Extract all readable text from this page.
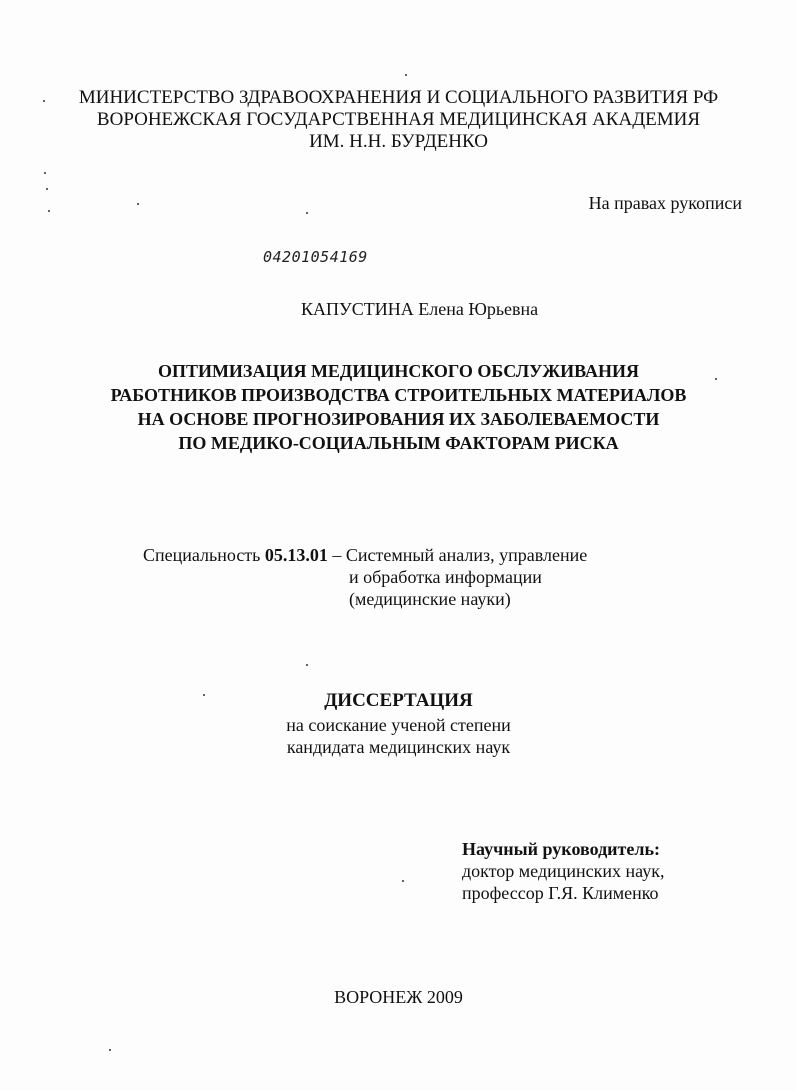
МИНИСТЕРСТВО ЗДРАВООХРАНЕНИЯ И СОЦИАЛЬНОГО РАЗВИТИЯ РФ
ВОРОНЕЖСКАЯ ГОСУДАРСТВЕННАЯ МЕДИЦИНСКАЯ АКАДЕМИЯ
ИМ. Н.Н. БУРДЕНКО
На правах рукописи
04201054169
КАПУСТИНА Елена Юрьевна
ОПТИМИЗАЦИЯ МЕДИЦИНСКОГО ОБСЛУЖИВАНИЯ
РАБОТНИКОВ ПРОИЗВОДСТВА СТРОИТЕЛЬНЫХ МАТЕРИАЛОВ
НА ОСНОВЕ ПРОГНОЗИРОВАНИЯ ИХ ЗАБОЛЕВАЕМОСТИ
ПО МЕДИКО-СОЦИАЛЬНЫМ ФАКТОРАМ РИСКА
Специальность 05.13.01 – Системный анализ, управление
и обработка информации
(медицинские науки)
ДИССЕРТАЦИЯ
на соискание ученой степени
кандидата медицинских наук
Научный руководитель:
доктор медицинских наук,
профессор Г.Я. Клименко
ВОРОНЕЖ 2009
